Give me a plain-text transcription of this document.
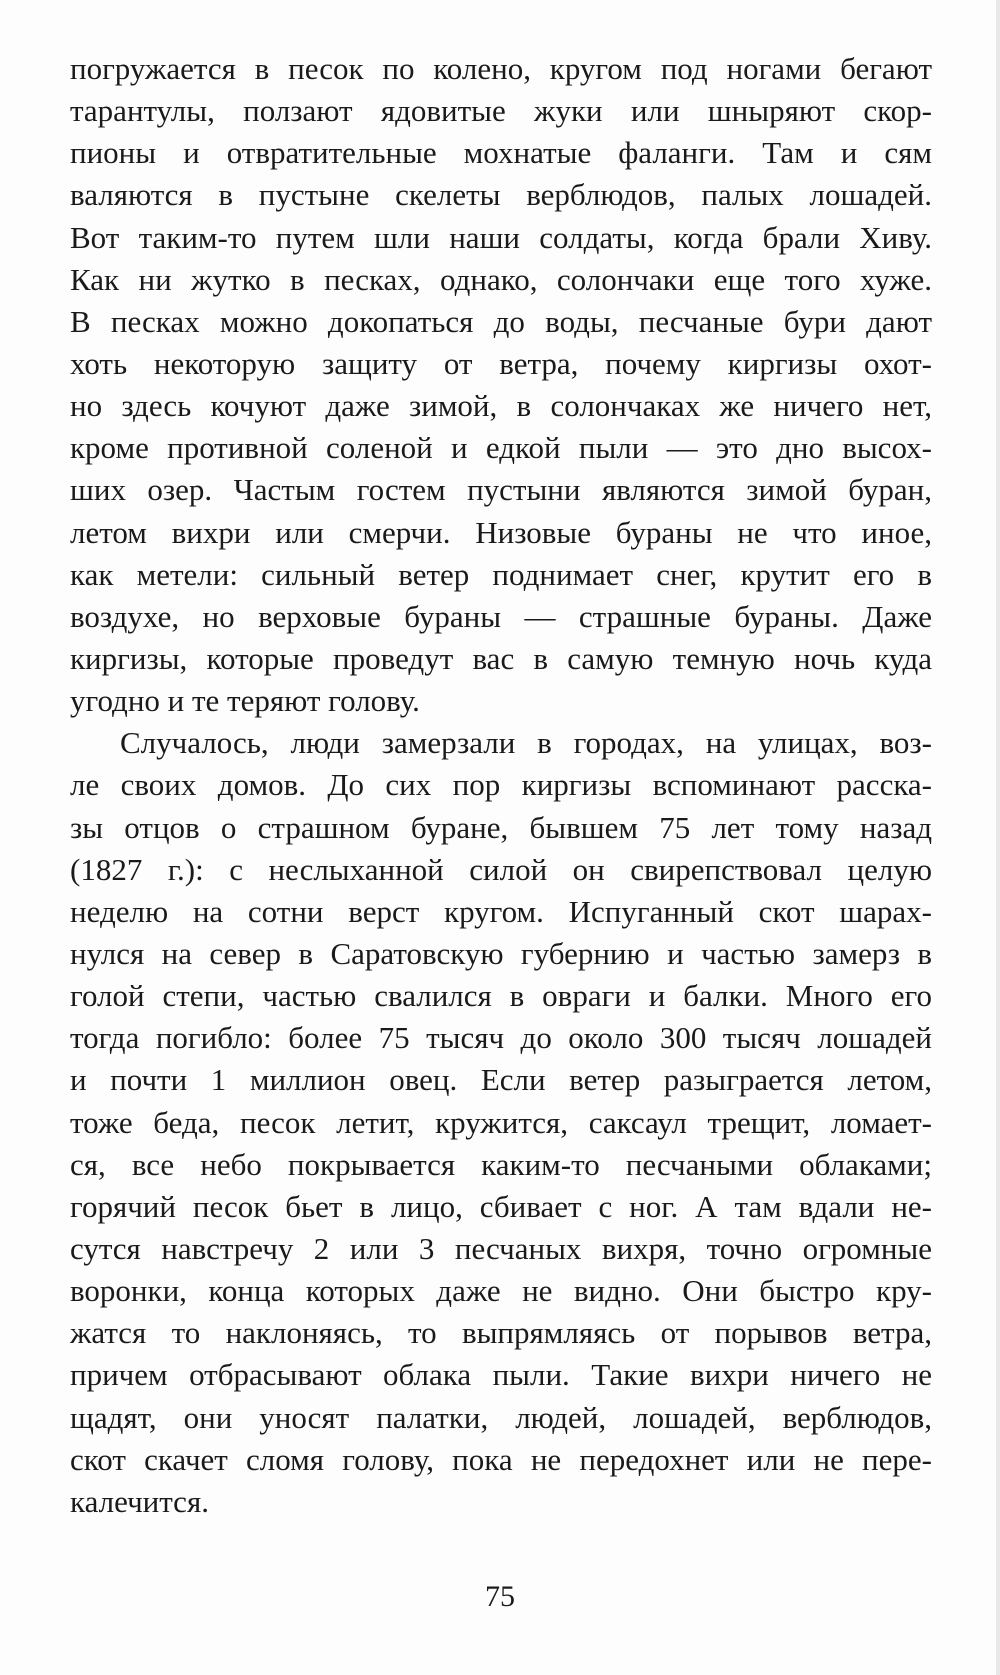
погружается в песок по колено, кругом под ногами бегают
тарантулы, ползают ядовитые жуки или шныряют скор-
пионы и отвратительные мохнатые фаланги. Там и сям
валяются в пустыне скелеты верблюдов, палых лошадей.
Вот таким-то путем шли наши солдаты, когда брали Хиву.
Как ни жутко в песках, однако, солончаки еще того хуже.
В песках можно докопаться до воды, песчаные бури дают
хоть некоторую защиту от ветра, почему киргизы охот-
но здесь кочуют даже зимой, в солончаках же ничего нет,
кроме противной соленой и едкой пыли — это дно высох-
ших озер. Частым гостем пустыни являются зимой буран,
летом вихри или смерчи. Низовые бураны не что иное,
как метели: сильный ветер поднимает снег, крутит его в
воздухе, но верховые бураны — страшные бураны. Даже
киргизы, которые проведут вас в самую темную ночь куда
угодно и те теряют голову.
Случалось, люди замерзали в городах, на улицах, воз-
ле своих домов. До сих пор киргизы вспоминают расска-
зы отцов о страшном буране, бывшем 75 лет тому назад
(1827 г.): с неслыханной силой он свирепствовал целую
неделю на сотни верст кругом. Испуганный скот шарах-
нулся на север в Саратовскую губернию и частью замерз в
голой степи, частью свалился в овраги и балки. Много его
тогда погибло: более 75 тысяч до около 300 тысяч лошадей
и почти 1 миллион овец. Если ветер разыграется летом,
тоже беда, песок летит, кружится, саксаул трещит, ломает-
ся, все небо покрывается каким-то песчаными облаками;
горячий песок бьет в лицо, сбивает с ног. А там вдали не-
сутся навстречу 2 или 3 песчаных вихря, точно огромные
воронки, конца которых даже не видно. Они быстро кру-
жатся то наклоняясь, то выпрямляясь от порывов ветра,
причем отбрасывают облака пыли. Такие вихри ничего не
щадят, они уносят палатки, людей, лошадей, верблюдов,
скот скачет сломя голову, пока не передохнет или не пере-
калечится.
75
